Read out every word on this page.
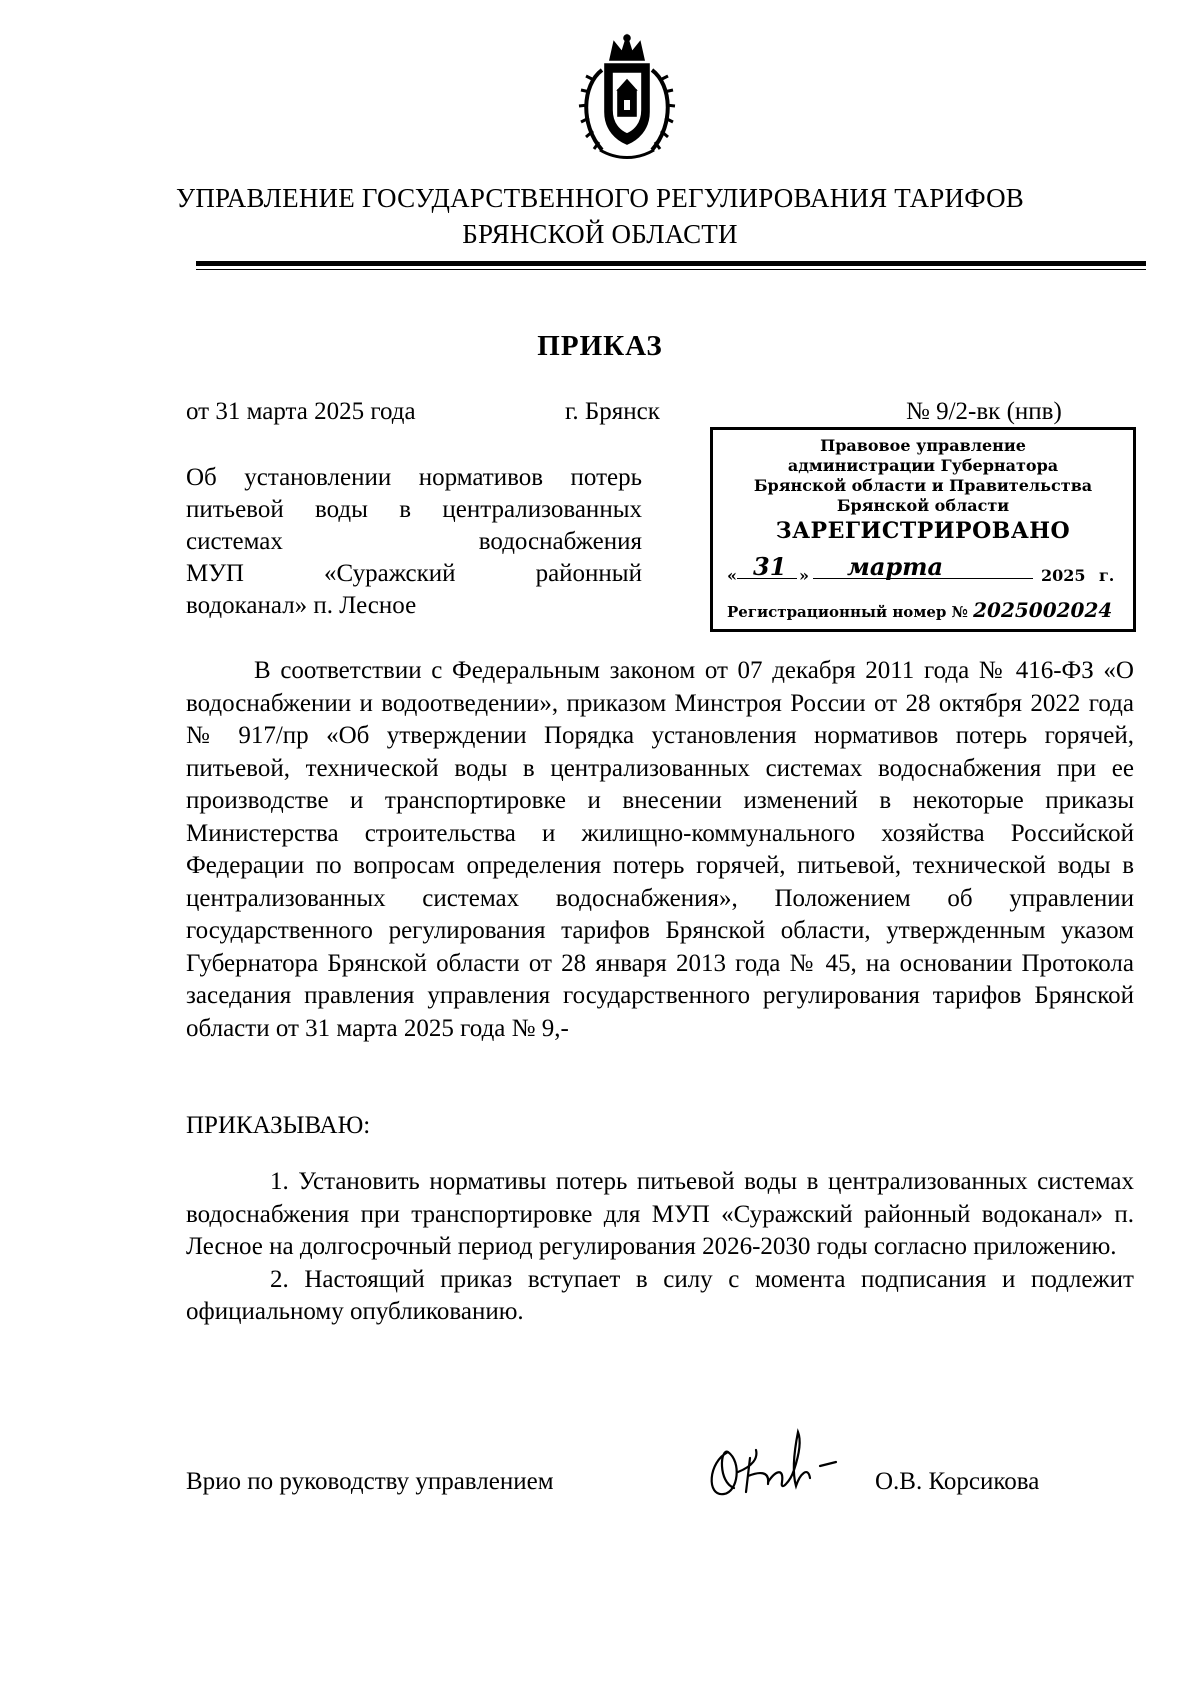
УПРАВЛЕНИЕ ГОСУДАРСТВЕННОГО РЕГУЛИРОВАНИЯ ТАРИФОВ
БРЯНСКОЙ ОБЛАСТИ
ПРИКАЗ
от 31 марта 2025 года	г. Брянск	№ 9/2-вк (нпв)
Об установлении нормативов потерь
питьевой воды в централизованных
системах водоснабжения
МУП «Суражский районный
водоканал» п. Лесное
Правовое управление
администрации Губернатора
Брянской области и Правительства
Брянской области
ЗАРЕГИСТРИРОВАНО
« 31 » марта	2025 г.
Регистрационный номер № 2025002024

В соответствии с Федеральным законом от 07 декабря 2011 года № 416-ФЗ «О водоснабжении и водоотведении», приказом Минстроя России от 28 октября 2022 года № 917/пр «Об утверждении Порядка установления нормативов потерь горячей, питьевой, технической воды в централизованных системах водоснабжения при ее производстве и транспортировке и внесении изменений в некоторые приказы Министерства строительства и жилищно-коммунального хозяйства Российской Федерации по вопросам определения потерь горячей, питьевой, технической воды в централизованных системах водоснабжения», Положением об управлении государственного регулирования тарифов Брянской области, утвержденным указом Губернатора Брянской области от 28 января 2013 года № 45, на основании Протокола заседания правления управления государственного регулирования тарифов Брянской области от 31 марта 2025 года № 9,-

ПРИКАЗЫВАЮ:

1. Установить нормативы потерь питьевой воды в централизованных системах водоснабжения при транспортировке для МУП «Суражский районный водоканал» п. Лесное на долгосрочный период регулирования 2026-2030 годы согласно приложению.

2. Настоящий приказ вступает в силу с момента подписания и подлежит официальному опубликованию.

Врио по руководству управлением	О.В. Корсикова
